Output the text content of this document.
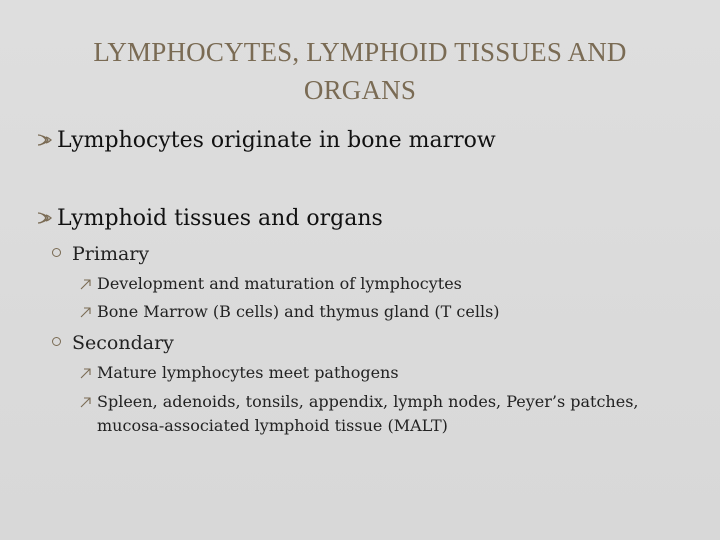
LYMPHOCYTES, LYMPHOID TISSUES AND
ORGANS
Lymphocytes originate in bone marrow
Lymphoid tissues and organs
Primary
Development and maturation of lymphocytes
Bone Marrow (B cells) and thymus gland (T cells)
Secondary
Mature lymphocytes meet pathogens
Spleen, adenoids, tonsils, appendix, lymph nodes, Peyer’s patches,
mucosa-associated lymphoid tissue (MALT)
